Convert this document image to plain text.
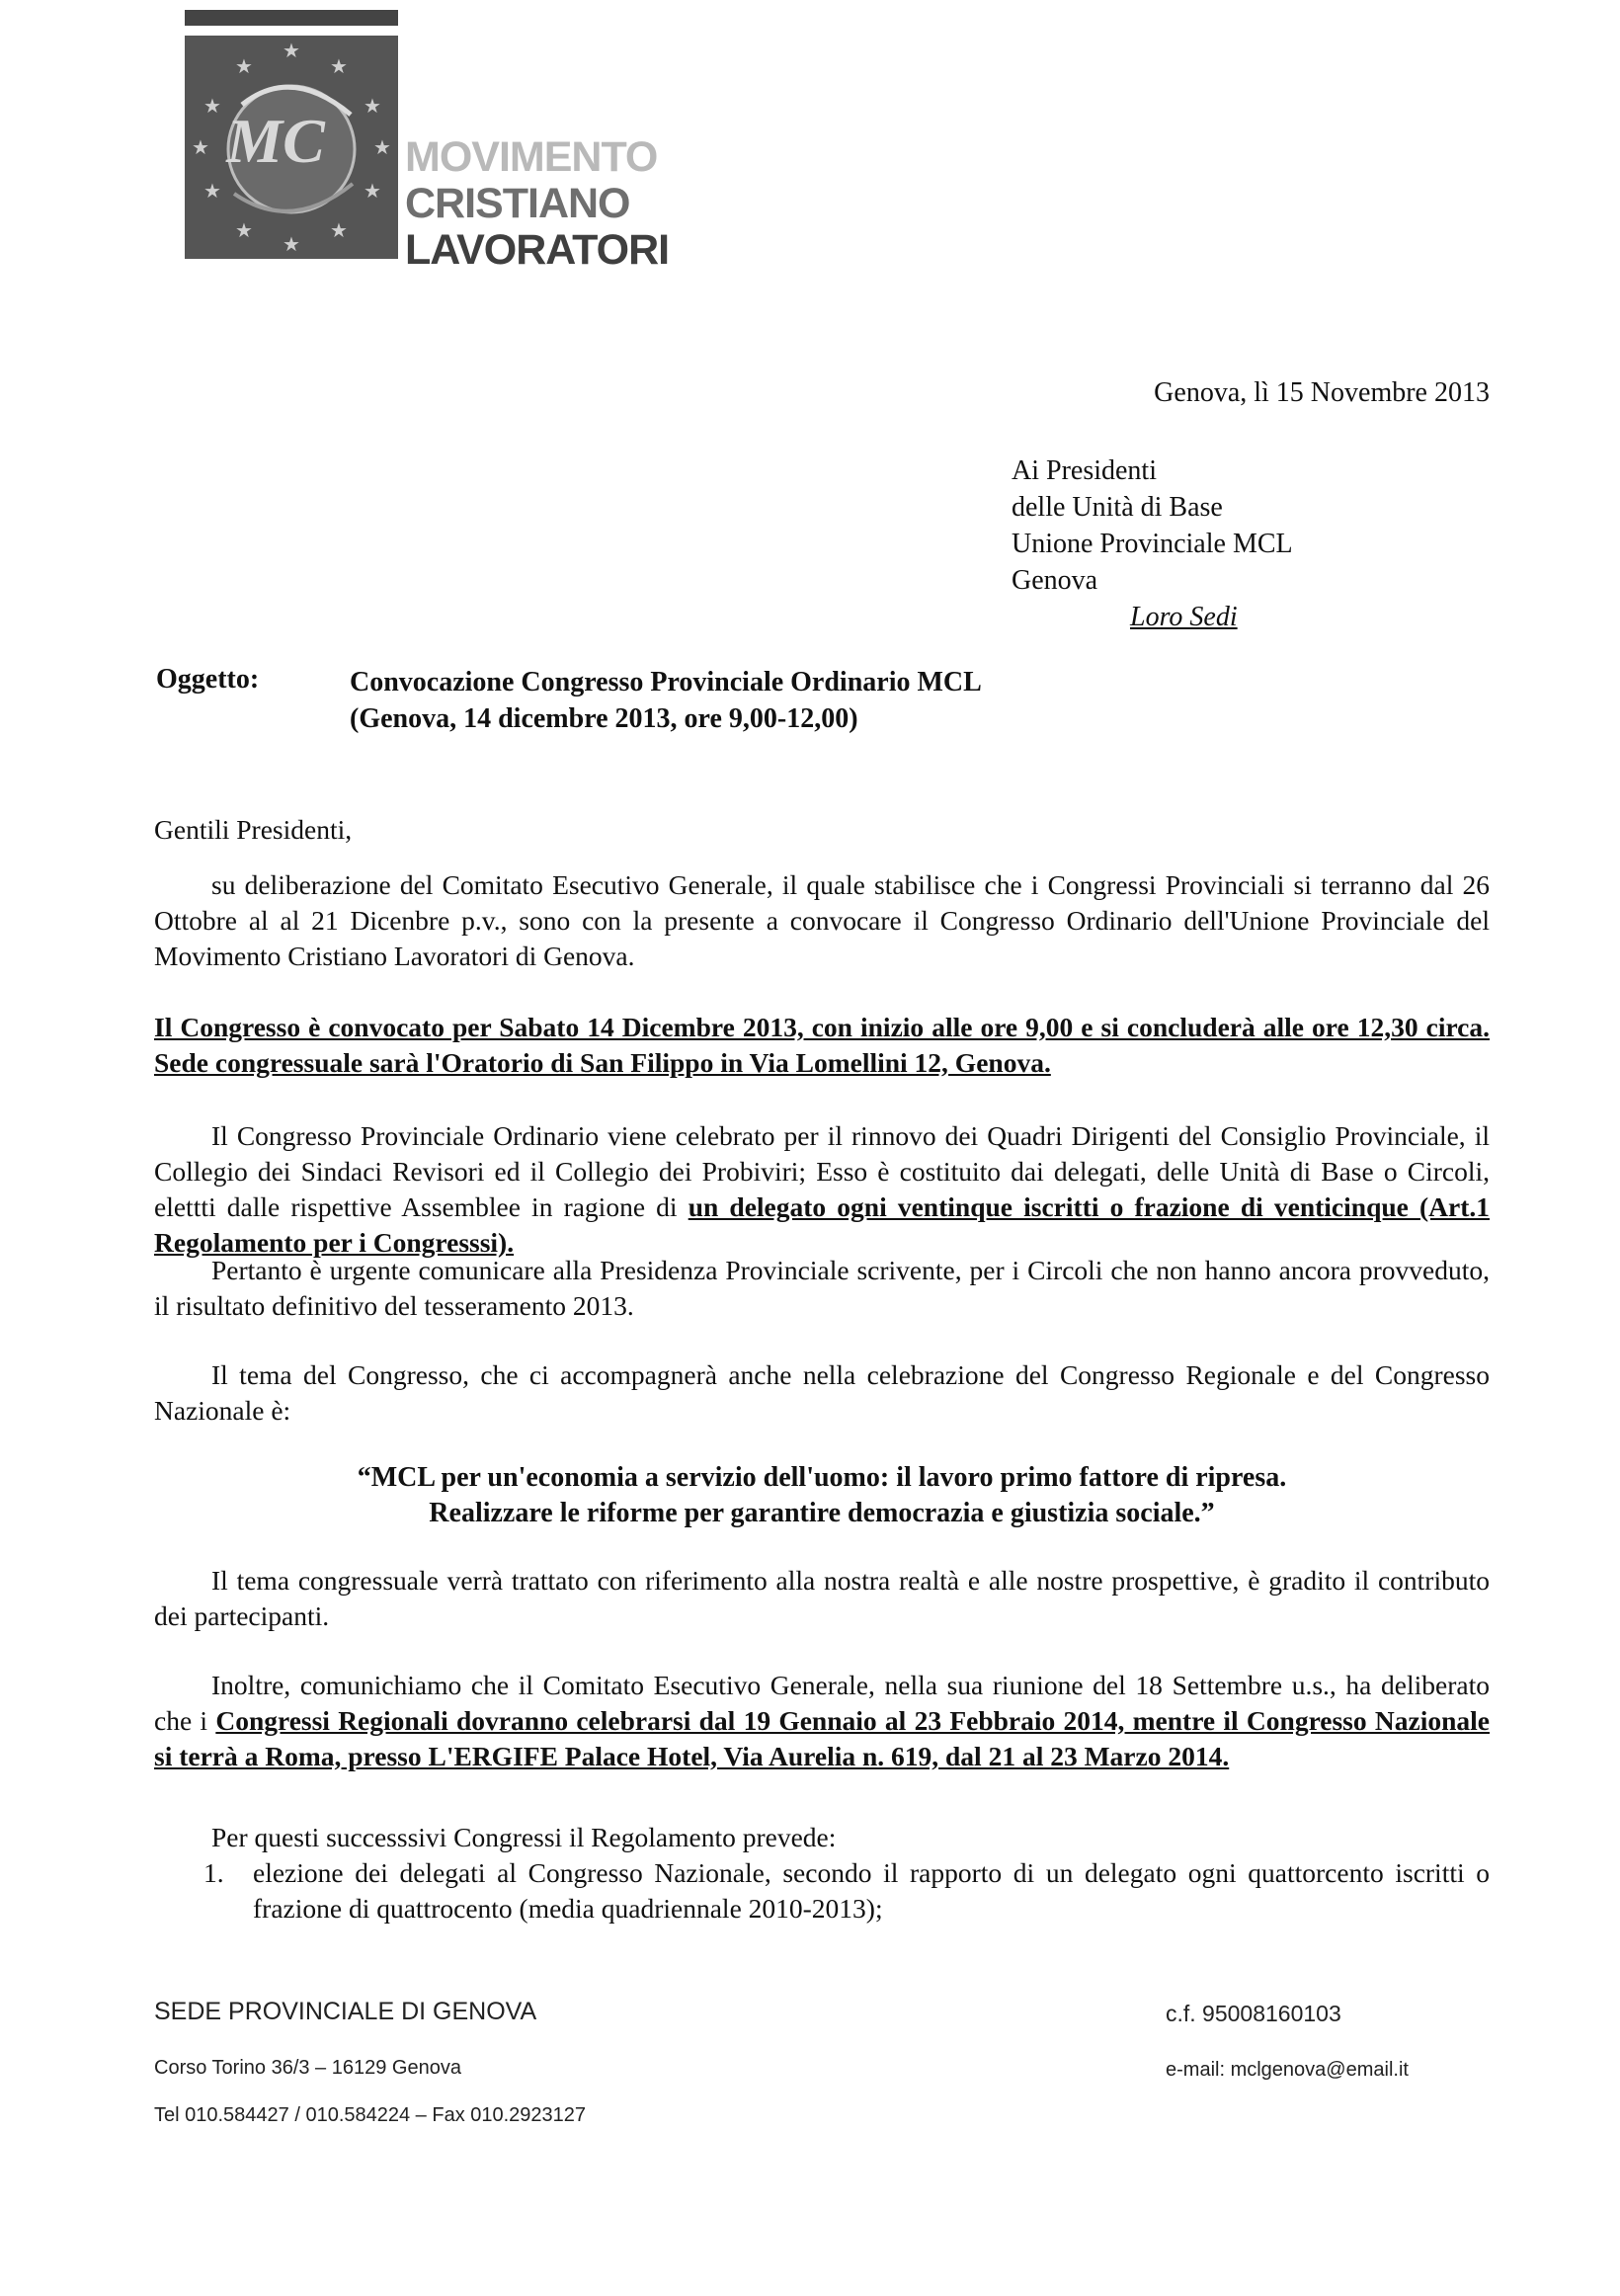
★
★	★
★	★
★	★
★	★
★	★
★
MC MOVIMENTO
CRISTIANO
LAVORATORI
Genova, lì 15 Novembre 2013
Ai Presidenti
delle Unità di Base
Unione Provinciale MCL
Genova
Loro Sedi
Oggetto:	Convocazione Congresso Provinciale Ordinario MCL
(Genova, 14 dicembre 2013, ore 9,00-12,00)
Gentili Presidenti,
su deliberazione del Comitato Esecutivo Generale, il quale stabilisce che i Congressi Provinciali si terranno dal 26 Ottobre al al 21 Dicenbre p.v., sono con la presente a convocare il Congresso Ordinario dell'Unione Provinciale del Movimento Cristiano Lavoratori di Genova.
Il Congresso è convocato per Sabato 14 Dicembre 2013, con inizio alle ore 9,00 e si concluderà alle ore 12,30 circa. Sede congressuale sarà l'Oratorio di San Filippo in Via Lomellini 12, Genova.
Il Congresso Provinciale Ordinario viene celebrato per il rinnovo dei Quadri Dirigenti del Consiglio Provinciale, il Collegio dei Sindaci Revisori ed il Collegio dei Probiviri; Esso è costituito dai delegati, delle Unità di Base o Circoli, elettti dalle rispettive Assemblee in ragione di un delegato ogni ventinque iscritti o frazione di venticinque (Art.1 Regolamento per i Congresssi).
Pertanto è urgente comunicare alla Presidenza Provinciale scrivente, per i Circoli che non hanno ancora provveduto, il risultato definitivo del tesseramento 2013.
Il tema del Congresso, che ci accompagnerà anche nella celebrazione del Congresso Regionale e del Congresso Nazionale è:
“MCL per un'economia a servizio dell'uomo: il lavoro primo fattore di ripresa.
Realizzare le riforme per garantire democrazia e giustizia sociale.”
Il tema congressuale verrà trattato con riferimento alla nostra realtà e alle nostre prospettive, è gradito il contributo dei partecipanti.
Inoltre, comunichiamo che il Comitato Esecutivo Generale, nella sua riunione del 18 Settembre u.s., ha deliberato che i Congressi Regionali dovranno celebrarsi dal 19 Gennaio al 23 Febbraio 2014, mentre il Congresso Nazionale si terrà a Roma, presso L'ERGIFE Palace Hotel, Via Aurelia n. 619, dal 21 al 23 Marzo 2014.
Per questi successsivi Congressi il Regolamento prevede:
1. elezione dei delegati al Congresso Nazionale, secondo il rapporto di un delegato ogni quattorcento iscritti o frazione di quattrocento (media quadriennale 2010-2013);
SEDE PROVINCIALE DI GENOVA
Corso Torino 36/3 – 16129 Genova
Tel 010.584427 / 010.584224 – Fax 010.2923127
c.f. 95008160103
e-mail: mclgenova@email.it
